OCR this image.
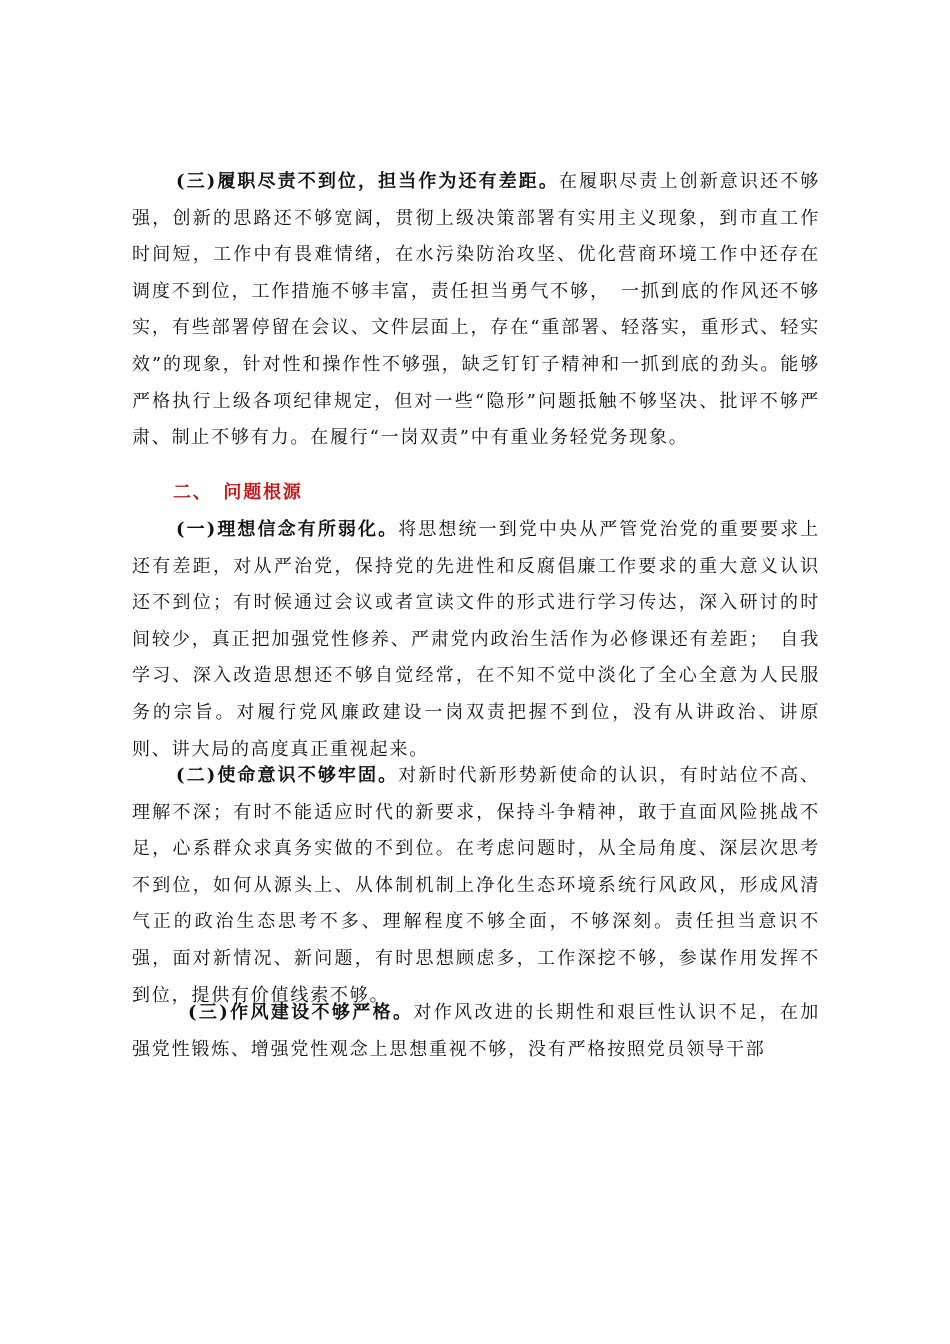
(三)履职尽责不到位，担当作为还有差距。在履职尽责上创新意识还不够强，创新的思路还不够宽阔，贯彻上级决策部署有实用主义现象，到市直工作时间短，工作中有畏难情绪，在水污染防治攻坚、优化营商环境工作中还存在调度不到位，工作措施不够丰富，责任担当勇气不够，　一抓到底的作风还不够实，有些部署停留在会议、文件层面上，存在“重部署、轻落实，重形式、轻实效”的现象，针对性和操作性不够强，缺乏钉钉子精神和一抓到底的劲头。能够严格执行上级各项纪律规定，但对一些“隐形”问题抵触不够坚决、批评不够严肃、制止不够有力。在履行“一岗双责”中有重业务轻党务现象。

二、　问题根源

(一)理想信念有所弱化。将思想统一到党中央从严管党治党的重要要求上还有差距，对从严治党，保持党的先进性和反腐倡廉工作要求的重大意义认识还不到位；有时候通过会议或者宣读文件的形式进行学习传达，深入研讨的时间较少，真正把加强党性修养、严肃党内政治生活作为必修课还有差距；　自我学习、深入改造思想还不够自觉经常，在不知不觉中淡化了全心全意为人民服务的宗旨。对履行党风廉政建设一岗双责把握不到位，没有从讲政治、讲原则、讲大局的高度真正重视起来。

(二)使命意识不够牢固。对新时代新形势新使命的认识，有时站位不高、理解不深；有时不能适应时代的新要求，保持斗争精神，敢于直面风险挑战不足，心系群众求真务实做的不到位。在考虑问题时，从全局角度、深层次思考不到位，如何从源头上、从体制机制上净化生态环境系统行风政风，形成风清气正的政治生态思考不多、理解程度不够全面，不够深刻。责任担当意识不强，面对新情况、新问题，有时思想顾虑多，工作深挖不够，参谋作用发挥不到位，提供有价值线索不够。

(三)作风建设不够严格。对作风改进的长期性和艰巨性认识不足，在加强党性锻炼、增强党性观念上思想重视不够，没有严格按照党员领导干部
